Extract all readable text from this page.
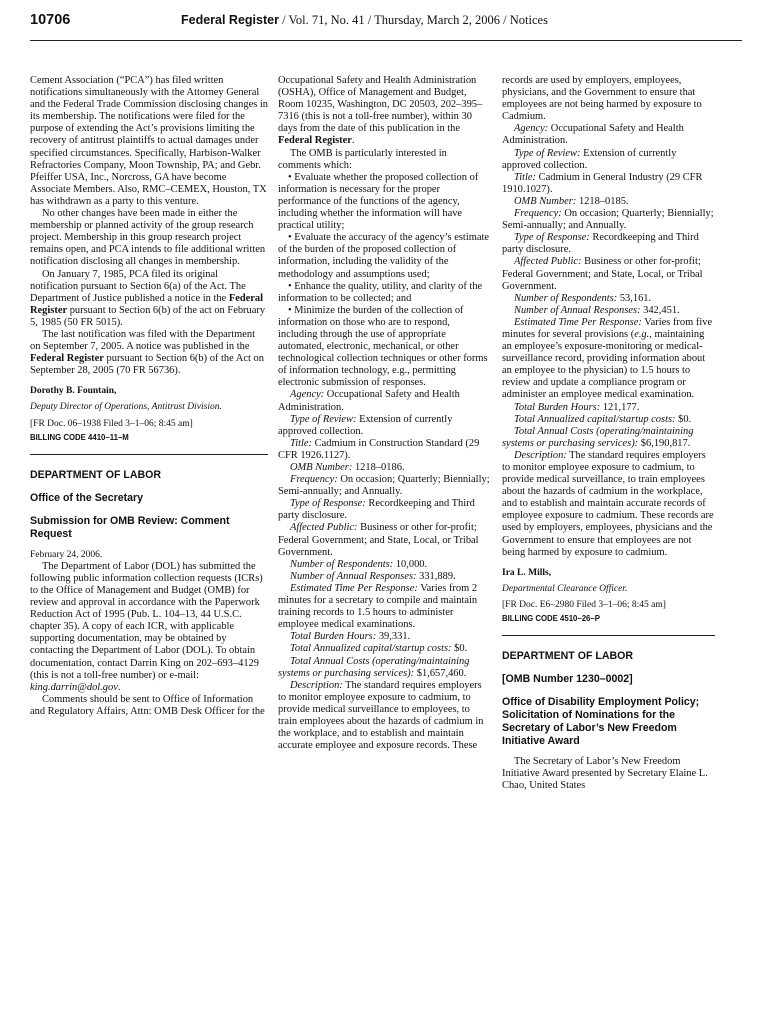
10706	Federal Register / Vol. 71, No. 41 / Thursday, March 2, 2006 / Notices

Cement Association (“PCA”) has filed written notifications simultaneously with the Attorney General and the Federal Trade Commission disclosing changes in its membership. The notifications were filed for the purpose of extending the Act’s provisions limiting the recovery of antitrust plaintiffs to actual damages under specified circumstances. Specifically, Harbison-Walker Refractories Company, Moon Township, PA; and Gebr. Pfeiffer USA, Inc., Norcross, GA have become Associate Members. Also, RMC–CEMEX, Houston, TX has withdrawn as a party to this venture.

No other changes have been made in either the membership or planned activity of the group research project. Membership in this group research project remains open, and PCA intends to file additional written notification disclosing all changes in membership.

On January 7, 1985, PCA filed its original notification pursuant to Section 6(a) of the Act. The Department of Justice published a notice in the Federal Register pursuant to Section 6(b) of the act on February 5, 1985 (50 FR 5015).

The last notification was filed with the Department on September 7, 2005. A notice was published in the Federal Register pursuant to Section 6(b) of the Act on September 28, 2005 (70 FR 56736).

Dorothy B. Fountain,

Deputy Director of Operations, Antitrust Division.

[FR Doc. 06–1938 Filed 3–1–06; 8:45 am]

BILLING CODE 4410–11–M

DEPARTMENT OF LABOR

Office of the Secretary

Submission for OMB Review: Comment Request

February 24, 2006.

The Department of Labor (DOL) has submitted the following public information collection requests (ICRs) to the Office of Management and Budget (OMB) for review and approval in accordance with the Paperwork Reduction Act of 1995 (Pub. L. 104–13, 44 U.S.C. chapter 35). A copy of each ICR, with applicable supporting documentation, may be obtained by contacting the Department of Labor (DOL). To obtain documentation, contact Darrin King on 202–693–4129 (this is not a toll-free number) or e-mail: king.darrin@dol.gov.

Comments should be sent to Office of Information and Regulatory Affairs, Attn: OMB Desk Officer for the

Occupational Safety and Health Administration (OSHA), Office of Management and Budget, Room 10235, Washington, DC 20503, 202–395–7316 (this is not a toll-free number), within 30 days from the date of this publication in the Federal Register.

The OMB is particularly interested in comments which:

• Evaluate whether the proposed collection of information is necessary for the proper performance of the functions of the agency, including whether the information will have practical utility;

• Evaluate the accuracy of the agency’s estimate of the burden of the proposed collection of information, including the validity of the methodology and assumptions used;

• Enhance the quality, utility, and clarity of the information to be collected; and

• Minimize the burden of the collection of information on those who are to respond, including through the use of appropriate automated, electronic, mechanical, or other technological collection techniques or other forms of information technology, e.g., permitting electronic submission of responses.

Agency: Occupational Safety and Health Administration.

Type of Review: Extension of currently approved collection.

Title: Cadmium in Construction Standard (29 CFR 1926.1127).

OMB Number: 1218–0186.

Frequency: On occasion; Quarterly; Biennially; Semi-annually; and Annually.

Type of Response: Recordkeeping and Third party disclosure.

Affected Public: Business or other for-profit; Federal Government; and State, Local, or Tribal Government.

Number of Respondents: 10,000.

Number of Annual Responses: 331,889.

Estimated Time Per Response: Varies from 2 minutes for a secretary to compile and maintain training records to 1.5 hours to administer employee medical examinations.

Total Burden Hours: 39,331.

Total Annualized capital/startup costs: $0.

Total Annual Costs (operating/maintaining systems or purchasing services): $1,657,460.

Description: The standard requires employers to monitor employee exposure to cadmium, to provide medical surveillance to employees, to train employees about the hazards of cadmium in the workplace, and to establish and maintain accurate employee and exposure records. These

records are used by employers, employees, physicians, and the Government to ensure that employees are not being harmed by exposure to Cadmium.

Agency: Occupational Safety and Health Administration.

Type of Review: Extension of currently approved collection.

Title: Cadmium in General Industry (29 CFR 1910.1027).

OMB Number: 1218–0185.

Frequency: On occasion; Quarterly; Biennially; Semi-annually; and Annually.

Type of Response: Recordkeeping and Third party disclosure.

Affected Public: Business or other for-profit; Federal Government; and State, Local, or Tribal Government.

Number of Respondents: 53,161.

Number of Annual Responses: 342,451.

Estimated Time Per Response: Varies from five minutes for several provisions (e.g., maintaining an employee’s exposure-monitoring or medical-surveillance record, providing information about an employee to the physician) to 1.5 hours to review and update a compliance program or administer an employee medical examination.

Total Burden Hours: 121,177.

Total Annualized capital/startup costs: $0.

Total Annual Costs (operating/maintaining systems or purchasing services): $6,190,817.

Description: The standard requires employers to monitor employee exposure to cadmium, to provide medical surveillance, to train employees about the hazards of cadmium in the workplace, and to establish and maintain accurate records of employee exposure to cadmium. These records are used by employers, employees, physicians and the Government to ensure that employees are not being harmed by exposure to cadmium.

Ira L. Mills,

Departmental Clearance Officer.

[FR Doc. E6–2980 Filed 3–1–06; 8:45 am]

BILLING CODE 4510–26–P

DEPARTMENT OF LABOR

[OMB Number 1230–0002]

Office of Disability Employment Policy; Solicitation of Nominations for the Secretary of Labor’s New Freedom Initiative Award

The Secretary of Labor’s New Freedom Initiative Award presented by Secretary Elaine L. Chao, United States
